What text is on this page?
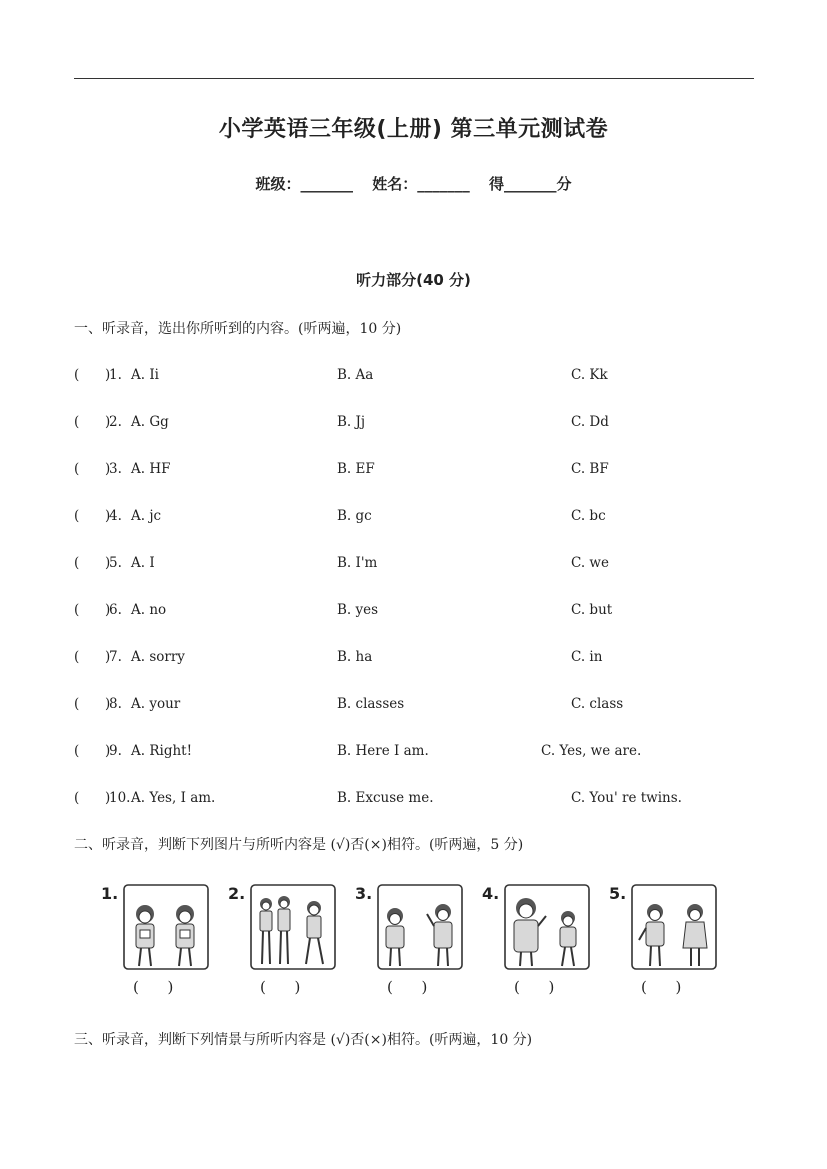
小学英语三年级(上册) 第三单元测试卷
班级：_______ 姓名：_______ 得_______分
听力部分(40 分)
一、听录音，选出你所听到的内容。(听两遍，10 分)
(      )
1. A. Ii	B. Aa	C. Kk
(      )
2. A. Gg	B. Jj	C. Dd
(      )
3. A. HF	B. EF	C. BF
(      )
4. A. jc	B. gc	C. bc
(      )
5. A. I	B. I'm	C. we
(      )
6. A. no	B. yes	C. but
(      )
7. A. sorry	B. ha	C. in
(      )
8. A. your	B. classes	C. class
(      )
9. A. Right!	B. Here I am.	C. Yes, we are.
(      )
10. A. Yes, I am.	B. Excuse me.	C. You' re twins.
二、听录音，判断下列图片与所听内容是 (√)否(×)相符。(听两遍，5 分)
1.
(      )
2.
(      )
3.
(      )
4.
(      )
5.
(      )
三、听录音，判断下列情景与所听内容是 (√)否(×)相符。(听两遍，10 分)
